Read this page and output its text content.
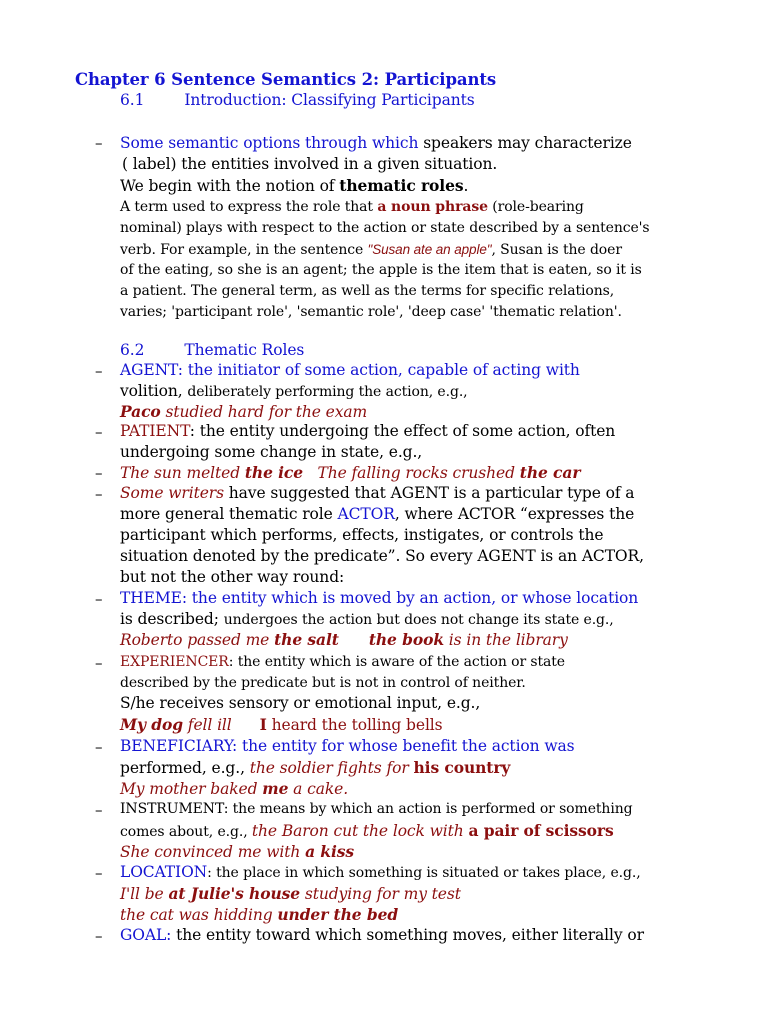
Chapter 6 Sentence Semantics 2: Participants
6.1	Introduction: Classifying Participants
– Some semantic options through which speakers may characterize
( label) the entities involved in a given situation.
We begin with the notion of thematic roles.
A term used to express the role that a noun phrase (role-bearing
nominal) plays with respect to the action or state described by a sentence's
verb. For example, in the sentence "Susan ate an apple", Susan is the doer
of the eating, so she is an agent; the apple is the item that is eaten, so it is
a patient. The general term, as well as the terms for specific relations,
varies; 'participant role', 'semantic role', 'deep case' 'thematic relation'.
6.2	Thematic Roles
– AGENT: the initiator of some action, capable of acting with
volition, deliberately performing the action, e.g.,
Paco studied hard for the exam
– PATIENT: the entity undergoing the effect of some action, often
undergoing some change in state, e.g.,
– The sun melted the ice   The falling rocks crushed the car
– Some writers have suggested that AGENT is a particular type of a
more general thematic role ACTOR, where ACTOR “expresses the
participant which performs, effects, instigates, or controls the
situation denoted by the predicate”. So every AGENT is an ACTOR,
but not the other way round:
– THEME: the entity which is moved by an action, or whose location
is described; undergoes the action but does not change its state e.g.,
Roberto passed me the salt the book is in the library
– EXPERIENCER: the entity which is aware of the action or state
described by the predicate but is not in control of neither.
S/he receives sensory or emotional input, e.g.,
My dog fell ill I heard the tolling bells
– BENEFICIARY: the entity for whose benefit the action was
performed, e.g., the soldier fights for his country
My mother baked me a cake.
– INSTRUMENT: the means by which an action is performed or something
comes about, e.g., the Baron cut the lock with a pair of scissors
She convinced me with a kiss
– LOCATION: the place in which something is situated or takes place, e.g.,
I'll be at Julie's house studying for my test
the cat was hidding under the bed
– GOAL: the entity toward which something moves, either literally or
